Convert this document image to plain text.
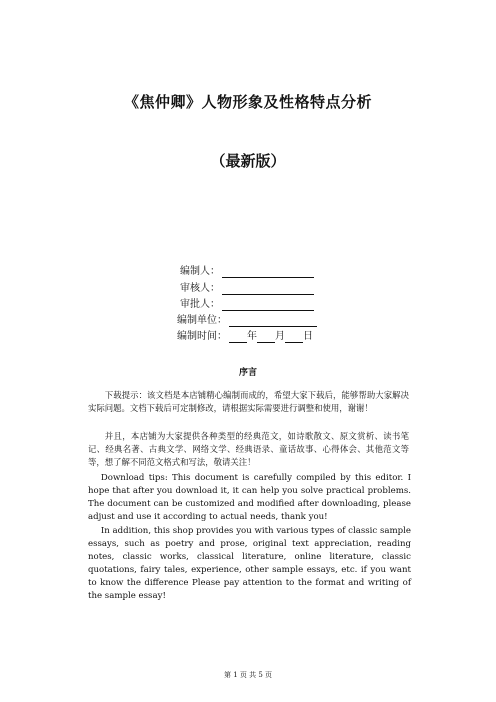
《焦仲卿》人物形象及性格特点分析
（最新版）
编制人：
审核人：
审批人：
编制单位：
编制时间： 年 月 日
序言
下载提示：该文档是本店铺精心编制而成的，希望大家下载后，能够帮助大家解决实际问题。文档下载后可定制修改，请根据实际需要进行调整和使用，谢谢！
并且，本店铺为大家提供各种类型的经典范文，如诗歌散文、原文赏析、读书笔记、经典名著、古典文学、网络文学、经典语录、童话故事、心得体会、其他范文等等，想了解不同范文格式和写法，敬请关注！
Download tips: This document is carefully compiled by this editor. I hope that after you download it, it can help you solve practical problems. The document can be customized and modified after downloading, please adjust and use it according to actual needs, thank you!
In addition, this shop provides you with various types of classic sample essays, such as poetry and prose, original text appreciation, reading notes, classic works, classical literature, online literature, classic quotations, fairy tales, experience, other sample essays, etc. if you want to know the difference Please pay attention to the format and writing of the sample essay!
第 1 页 共 5 页
